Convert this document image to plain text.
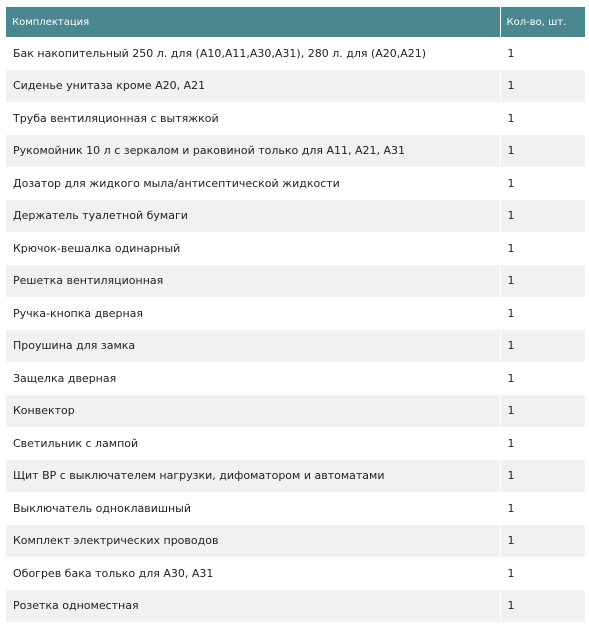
Комплектация	Кол-во, шт.
Бак накопительный 250 л. для (А10,А11,А30,А31), 280 л. для (А20,А21)	1
Сиденье унитаза кроме А20, А21	1
Труба вентиляционная с вытяжкой	1
Рукомойник 10 л с зеркалом и раковиной только для А11, А21, А31	1
Дозатор для жидкого мыла/антисептической жидкости	1
Держатель туалетной бумаги	1
Крючок-вешалка одинарный	1
Решетка вентиляционная	1
Ручка-кнопка дверная	1
Проушина для замка	1
Защелка дверная	1
Конвектор	1
Светильник с лампой	1
Щит ВР с выключателем нагрузки, дифоматором и автоматами	1
Выключатель одноклавишный	1
Комплект электрических проводов	1
Обогрев бака только для А30, А31	1
Розетка одноместная	1
